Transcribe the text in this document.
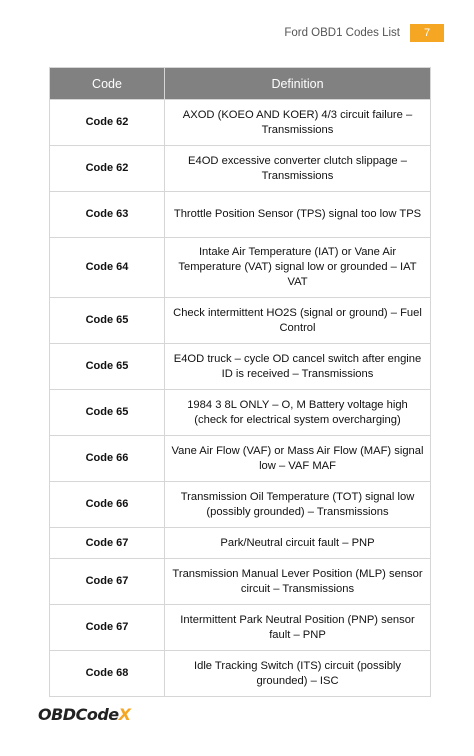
Ford OBD1 Codes List	7
Code	Definition
Code 62	AXOD (KOEO AND KOER) 4/3 circuit failure – Transmissions
Code 62	E4OD excessive converter clutch slippage – Transmissions
Code 63	Throttle Position Sensor (TPS) signal too low TPS
Code 64	Intake Air Temperature (IAT) or Vane Air Temperature (VAT) signal low or grounded – IAT VAT
Code 65	Check intermittent HO2S (signal or ground) – Fuel Control
Code 65	E4OD truck – cycle OD cancel switch after engine ID is received – Transmissions
Code 65	1984 3 8L ONLY – O, M Battery voltage high (check for electrical system overcharging)
Code 66	Vane Air Flow (VAF) or Mass Air Flow (MAF) signal low – VAF MAF
Code 66	Transmission Oil Temperature (TOT) signal low (possibly grounded) – Transmissions
Code 67	Park/Neutral circuit fault – PNP
Code 67	Transmission Manual Lever Position (MLP) sensor circuit – Transmissions
Code 67	Intermittent Park Neutral Position (PNP) sensor fault – PNP
Code 68	Idle Tracking Switch (ITS) circuit (possibly grounded) – ISC
OBDCodeX
